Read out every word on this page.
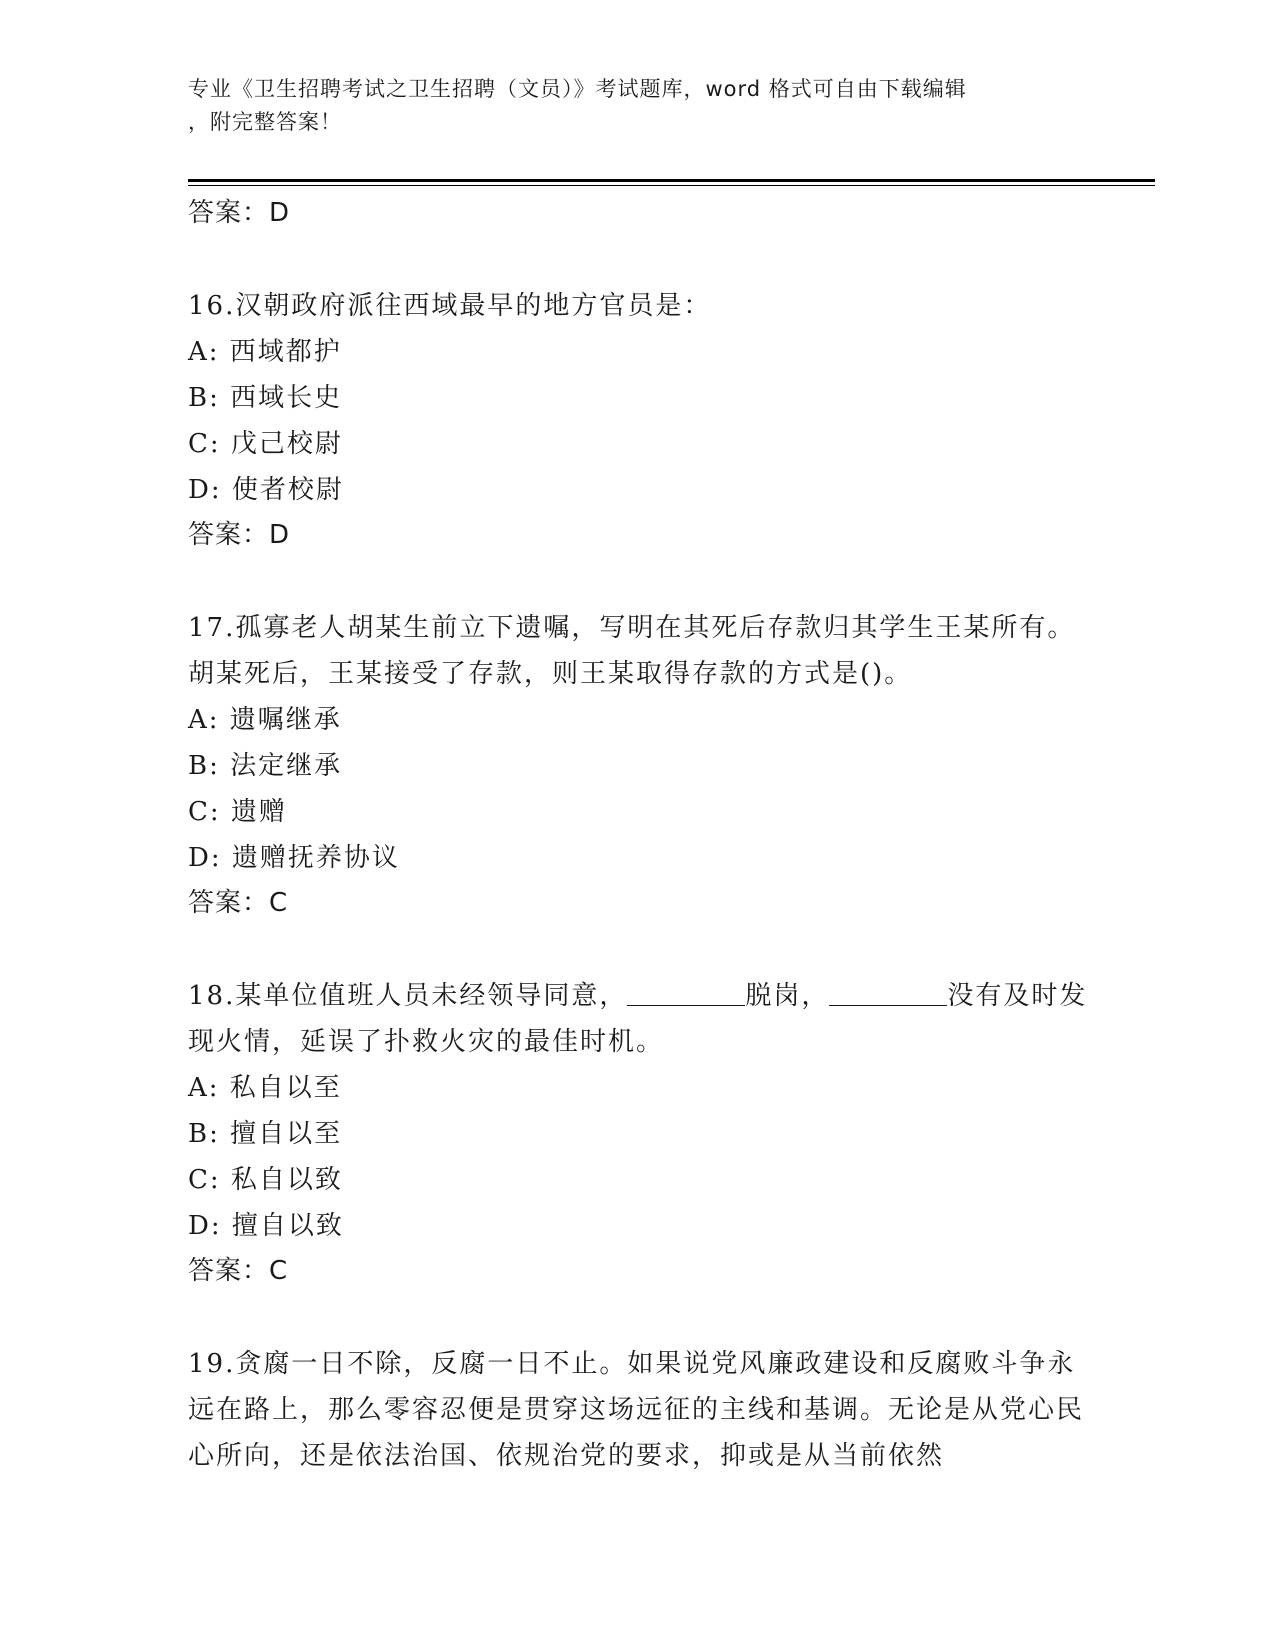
专业《卫生招聘考试之卫生招聘（文员）》考试题库，word 格式可自由下载编辑
，附完整答案！
答案：D

16.汉朝政府派往西域最早的地方官员是：

A: 西域都护

B: 西域长史

C: 戊己校尉

D: 使者校尉

答案：D

17.孤寡老人胡某生前立下遗嘱，写明在其死后存款归其学生王某所有。胡某死后，王某接受了存款，则王某取得存款的方式是()。

A: 遗嘱继承

B: 法定继承

C: 遗赠

D: 遗赠抚养协议

答案：C

18.某单位值班人员未经领导同意，	脱岗，	没有及时发现火情，延误了扑救火灾的最佳时机。

A: 私自以至

B: 擅自以至

C: 私自以致

D: 擅自以致

答案：C

19.贪腐一日不除，反腐一日不止。如果说党风廉政建设和反腐败斗争永远在路上，那么零容忍便是贯穿这场远征的主线和基调。无论是从党心民心所向，还是依法治国、依规治党的要求，抑或是从当前依然
